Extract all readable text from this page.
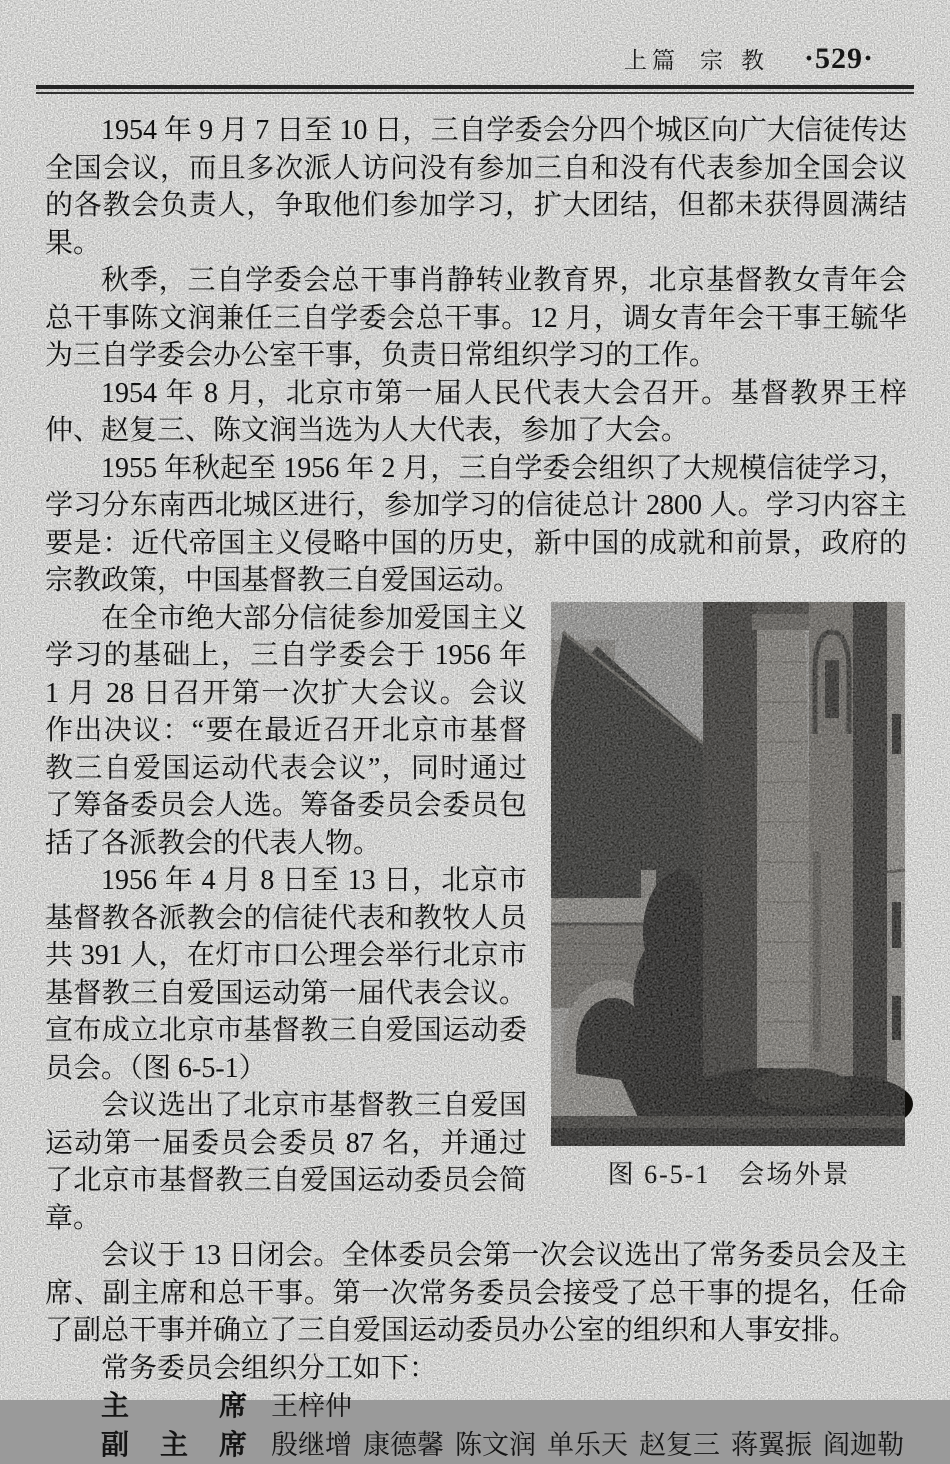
上篇 宗教 ·529·

1954 年 9 月 7 日至 10 日，三自学委会分四个城区向广大信徒传达全国会议，而且多次派人访问没有参加三自和没有代表参加全国会议的各教会负责人，争取他们参加学习，扩大团结，但都未获得圆满结果。

秋季，三自学委会总干事肖静转业教育界，北京基督教女青年会总干事陈文润兼任三自学委会总干事。12 月，调女青年会干事王毓华为三自学委会办公室干事，负责日常组织学习的工作。

1954 年 8 月，北京市第一届人民代表大会召开。基督教界王梓仲、赵复三、陈文润当选为人大代表，参加了大会。

1955 年秋起至 1956 年 2 月，三自学委会组织了大规模信徒学习，学习分东南西北城区进行，参加学习的信徒总计 2800 人。学习内容主要是：近代帝国主义侵略中国的历史，新中国的成就和前景，政府的宗教政策，中国基督教三自爱国运动。

图 6-5-1　会场外景

在全市绝大部分信徒参加爱国主义学习的基础上，三自学委会于 1956 年 1 月 28 日召开第一次扩大会议。会议作出决议：“要在最近召开北京市基督教三自爱国运动代表会议”，同时通过了筹备委员会人选。筹备委员会委员包括了各派教会的代表人物。

1956 年 4 月 8 日至 13 日，北京市基督教各派教会的信徒代表和教牧人员共 391 人，在灯市口公理会举行北京市基督教三自爱国运动第一届代表会议。宣布成立北京市基督教三自爱国运动委员会。（图 6-5-1）

会议选出了北京市基督教三自爱国运动第一届委员会委员 87 名，并通过了北京市基督教三自爱国运动委员会简章。

会议于 13 日闭会。全体委员会第一次会议选出了常务委员会及主席、副主席和总干事。第一次常务委员会接受了总干事的提名，任命了副总干事并确立了三自爱国运动委员办公室的组织和人事安排。

常务委员会组织分工如下：

主席 王梓仲
副主席 殷继增 康德馨 陈文润 单乐天 赵复三 蒋翼振 阎迦勒
